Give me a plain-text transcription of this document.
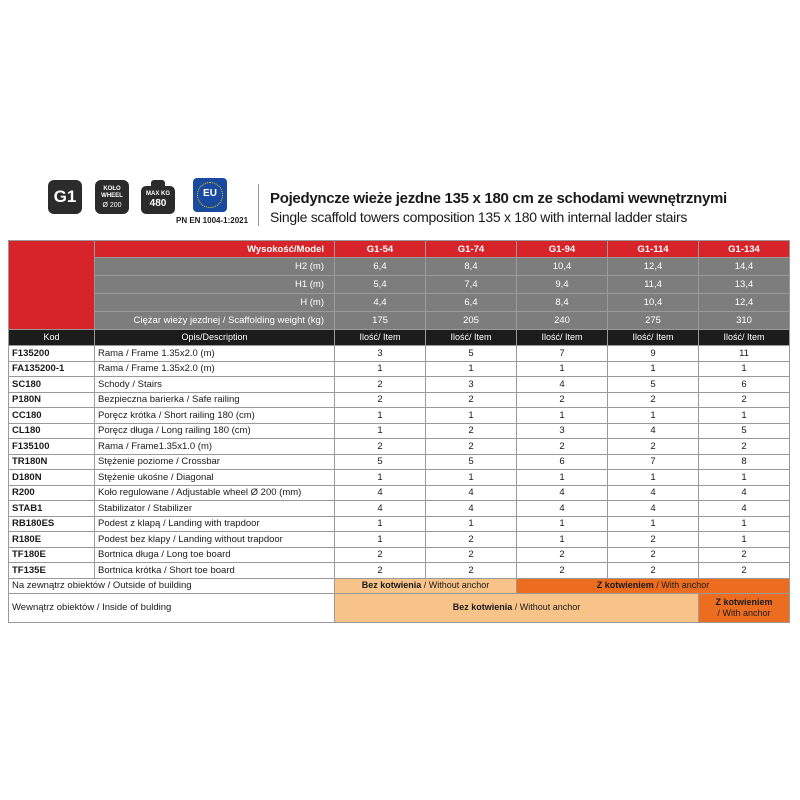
G1	KOŁO
WHEEL
Ø 200
MAX KG
480
EU
PN EN 1004-1:2021
Pojedyncze wieże jezdne 135 x 180 cm ze schodami wewnętrznymi
Single scaffold towers composition 135 x 180 with internal ladder stairs
	Wysokość/Model	G1-54	G1-74	G1-94	G1-114	G1-134
	H2 (m)	6,4	8,4	10,4	12,4	14,4
	H1 (m)	5,4	7,4	9,4	11,4	13,4
	H (m)	4,4	6,4	8,4	10,4	12,4
	Ciężar wieży jezdnej / Scaffolding weight (kg)	175	205	240	275	310
Kod	Opis/Description	Ilość/ Item	Ilość/ Item	Ilość/ Item	Ilość/ Item	Ilość/ Item
F135200	Rama / Frame 1.35x2.0 (m)	3	5	7	9	11
FA135200-1	Rama / Frame 1.35x2.0 (m)	1	1	1	1	1
SC180	Schody / Stairs	2	3	4	5	6
P180N	Bezpieczna barierka / Safe railing	2	2	2	2	2
CC180	Poręcz krótka / Short railing 180 (cm)	1	1	1	1	1
CL180	Poręcz długa / Long railing 180 (cm)	1	2	3	4	5
F135100	Rama / Frame1.35x1.0 (m)	2	2	2	2	2
TR180N	Stężenie poziome / Crossbar	5	5	6	7	8
D180N	Stężenie ukośne / Diagonal	1	1	1	1	1
R200	Koło regulowane / Adjustable wheel Ø 200 (mm)	4	4	4	4	4
STAB1	Stabilizator / Stabilizer	4	4	4	4	4
RB180ES	Podest z klapą / Landing with trapdoor	1	1	1	1	1
R180E	Podest bez klapy / Landing without trapdoor	1	2	1	2	1
TF180E	Bortnica długa / Long toe board	2	2	2	2	2
TF135E	Bortnica krótka / Short toe board	2	2	2	2	2
Na zewnątrz obiektów / Outside of building		Bez kotwienia / Without anchor		Z kotwieniem / With anchor		
Wewnątrz obiektów / Inside of bulding		Bez kotwienia / Without anchor				Z kotwieniem
/ With anchor
